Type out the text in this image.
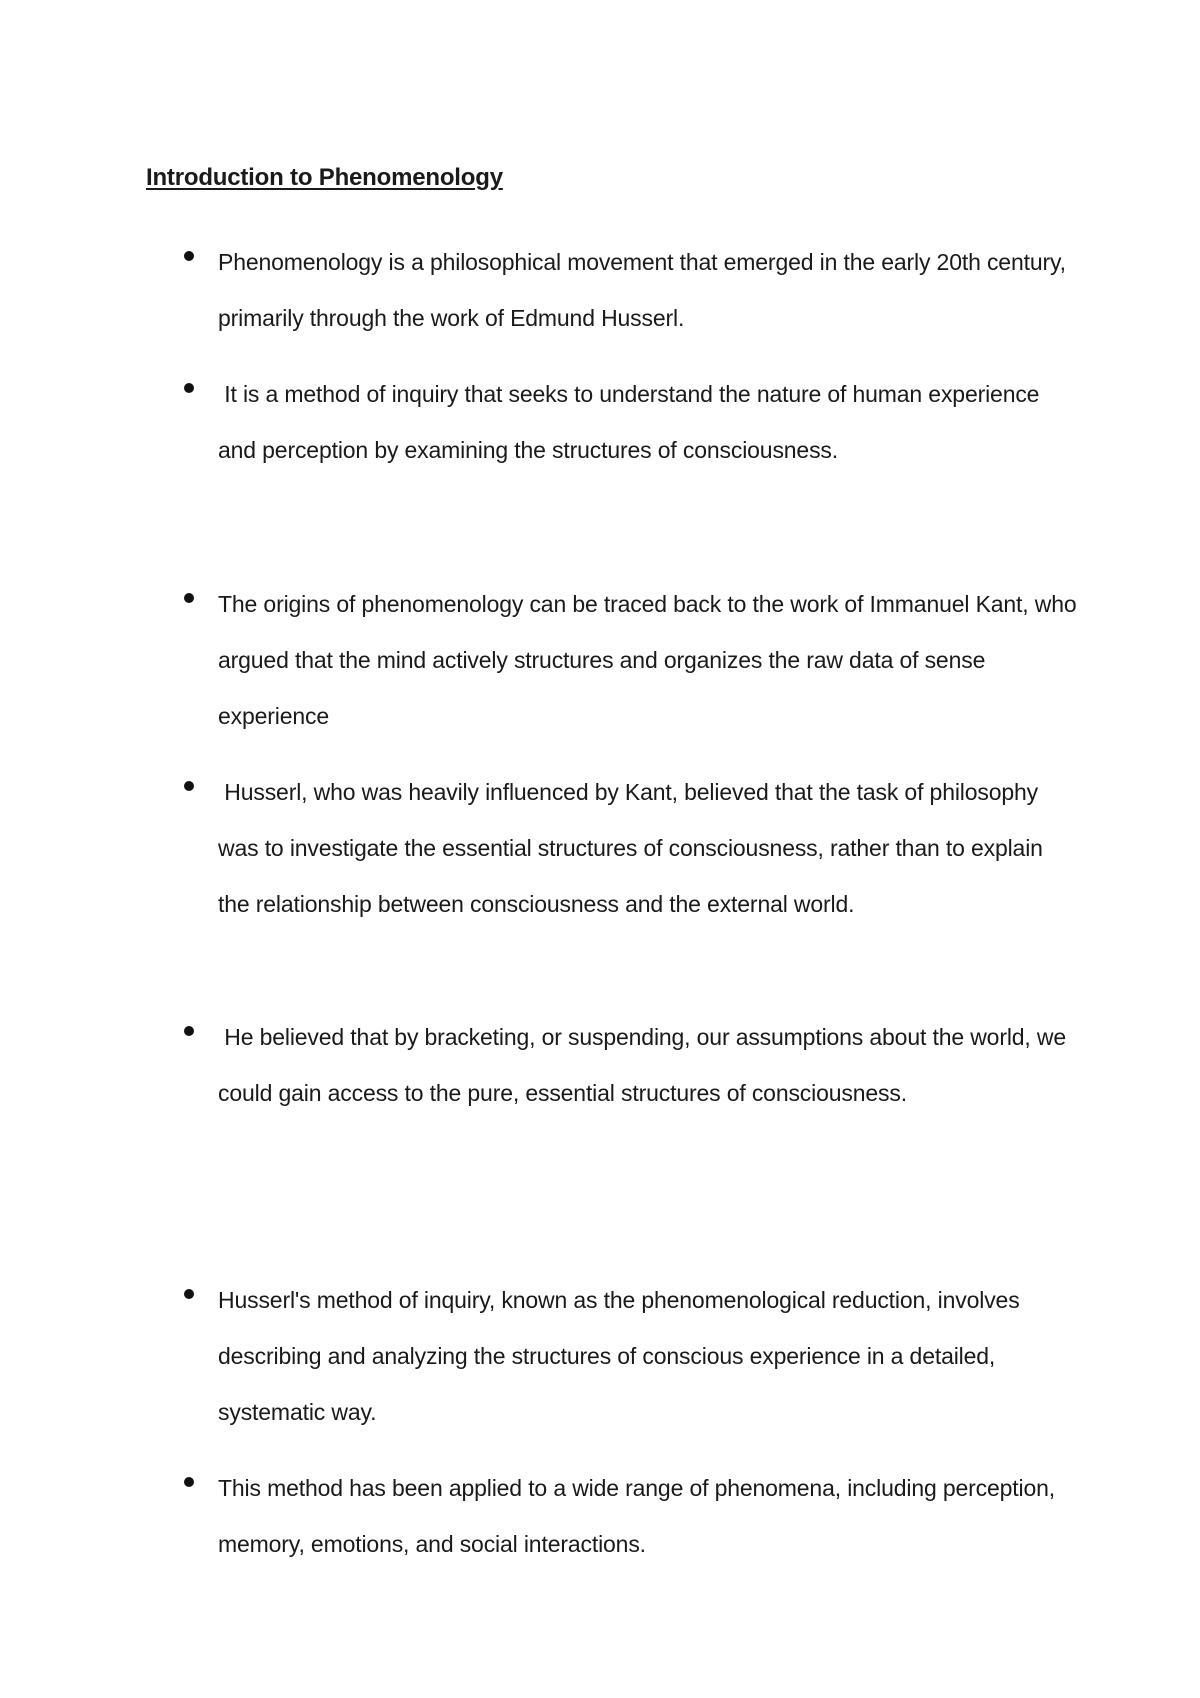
Introduction to Phenomenology
Phenomenology is a philosophical movement that emerged in the early 20th century, primarily through the work of Edmund Husserl.
It is a method of inquiry that seeks to understand the nature of human experience and perception by examining the structures of consciousness.
The origins of phenomenology can be traced back to the work of Immanuel Kant, who argued that the mind actively structures and organizes the raw data of sense experience
Husserl, who was heavily influenced by Kant, believed that the task of philosophy was to investigate the essential structures of consciousness, rather than to explain the relationship between consciousness and the external world.
He believed that by bracketing, or suspending, our assumptions about the world, we could gain access to the pure, essential structures of consciousness.
Husserl's method of inquiry, known as the phenomenological reduction, involves describing and analyzing the structures of conscious experience in a detailed, systematic way.
This method has been applied to a wide range of phenomena, including perception, memory, emotions, and social interactions.
